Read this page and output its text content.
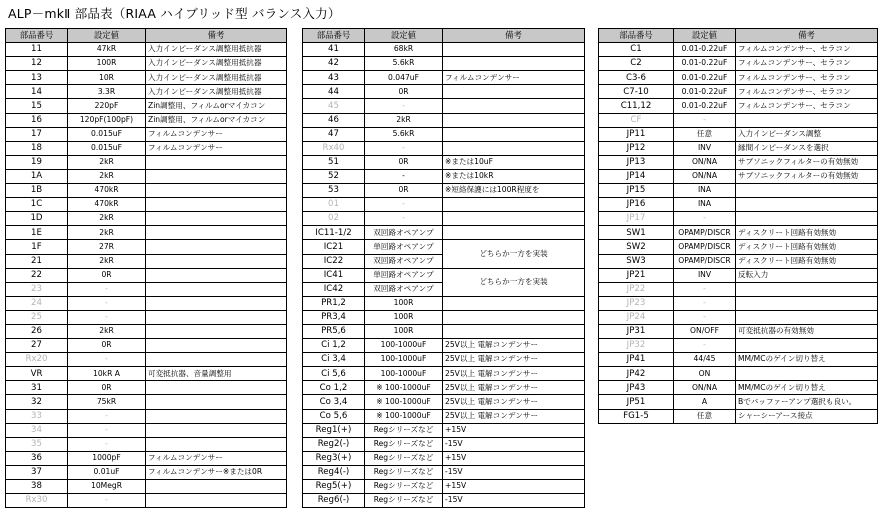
ALP－mkⅡ 部品表（RIAA ハイブリッド型 バランス入力）
部品番号	設定値	備考
11	47kR	入力インピーダンス調整用抵抗器
12	100R	入力インピーダンス調整用抵抗器
13	10R	入力インピーダンス調整用抵抗器
14	3.3R	入力インピーダンス調整用抵抗器
15	220pF	Zin調整用、フィルムorマイカコン
16	120pF(100pF)	Zin調整用、フィルムorマイカコン
17	0.015uF	フィルムコンデンサー
18	0.015uF	フィルムコンデンサー
19	2kR	
1A	2kR	
1B	470kR	
1C	470kR	
1D	2kR	
1E	2kR	
1F	27R	
21	2kR	
22	0R	
23	-	
24	-	
25	-	
26	2kR	
27	0R	
Rx20	-	
VR	10kR A	可変抵抗器、音量調整用
31	0R	
32	75kR	
33	-	
34	-	
35	-	
36	1000pF	フィルムコンデンサー
37	0.01uF	フィルムコンデンサー※または0R
38	10MegR	
Rx30	-	
部品番号	設定値	備考
41	68kR	
42	5.6kR	
43	0.047uF	フィルムコンデンサー
44	0R	
45	-	
46	2kR	
47	5.6kR	
Rx40	-	
51	0R	※または10uF
52	-	※または10kR
53	0R	※短絡保護には100R程度を
01	-	
02	-	
IC11-1/2	双回路オペアンプ	
IC21	単回路オペアンプ	どちらか一方を実装
IC22	双回路オペアンプ	
IC41	単回路オペアンプ	どちらか一方を実装
IC42	双回路オペアンプ	
PR1,2	100R	
PR3,4	100R	
PR5,6	100R	
Ci 1,2	100-1000uF	25V以上 電解コンデンサー
Ci 3,4	100-1000uF	25V以上 電解コンデンサー
Ci 5,6	100-1000uF	25V以上 電解コンデンサー
Co 1,2	※ 100-1000uF	25V以上 電解コンデンサー
Co 3,4	※ 100-1000uF	25V以上 電解コンデンサー
Co 5,6	※ 100-1000uF	25V以上 電解コンデンサー
Reg1(+)	Regシリーズなど	+15V
Reg2(-)	Regシリーズなど	-15V
Reg3(+)	Regシリーズなど	+15V
Reg4(-)	Regシリーズなど	-15V
Reg5(+)	Regシリーズなど	+15V
Reg6(-)	Regシリーズなど	-15V
部品番号	設定値	備考
C1	0.01-0.22uF	フィルムコンデンサー、セラコン
C2	0.01-0.22uF	フィルムコンデンサー、セラコン
C3-6	0.01-0.22uF	フィルムコンデンサー、セラコン
C7-10	0.01-0.22uF	フィルムコンデンサー、セラコン
C11,12	0.01-0.22uF	フィルムコンデンサー、セラコン
CF	-	
JP11	任意	入力インピーダンス調整
JP12	INV	縁間インピーダンスを選択
JP13	ON/NA	サブソニックフィルターの有効無効
JP14	ON/NA	サブソニックフィルターの有効無効
JP15	INA	
JP16	INA	
JP17	-	
SW1	OPAMP/DISCR	ディスクリート回路有効無効
SW2	OPAMP/DISCR	ディスクリート回路有効無効
SW3	OPAMP/DISCR	ディスクリート回路有効無効
JP21	INV	反転入力
JP22	-	
JP23	-	
JP24	-	
JP31	ON/OFF	可変抵抗器の有効無効
JP32	-	
JP41	44/45	MM/MCのゲイン切り替え
JP42	ON	
JP43	ON/NA	MM/MCのゲイン切り替え
JP51	A	Bでバッファーアンプ選択も良い。
FG1-5	任意	シャーシーアース接点
